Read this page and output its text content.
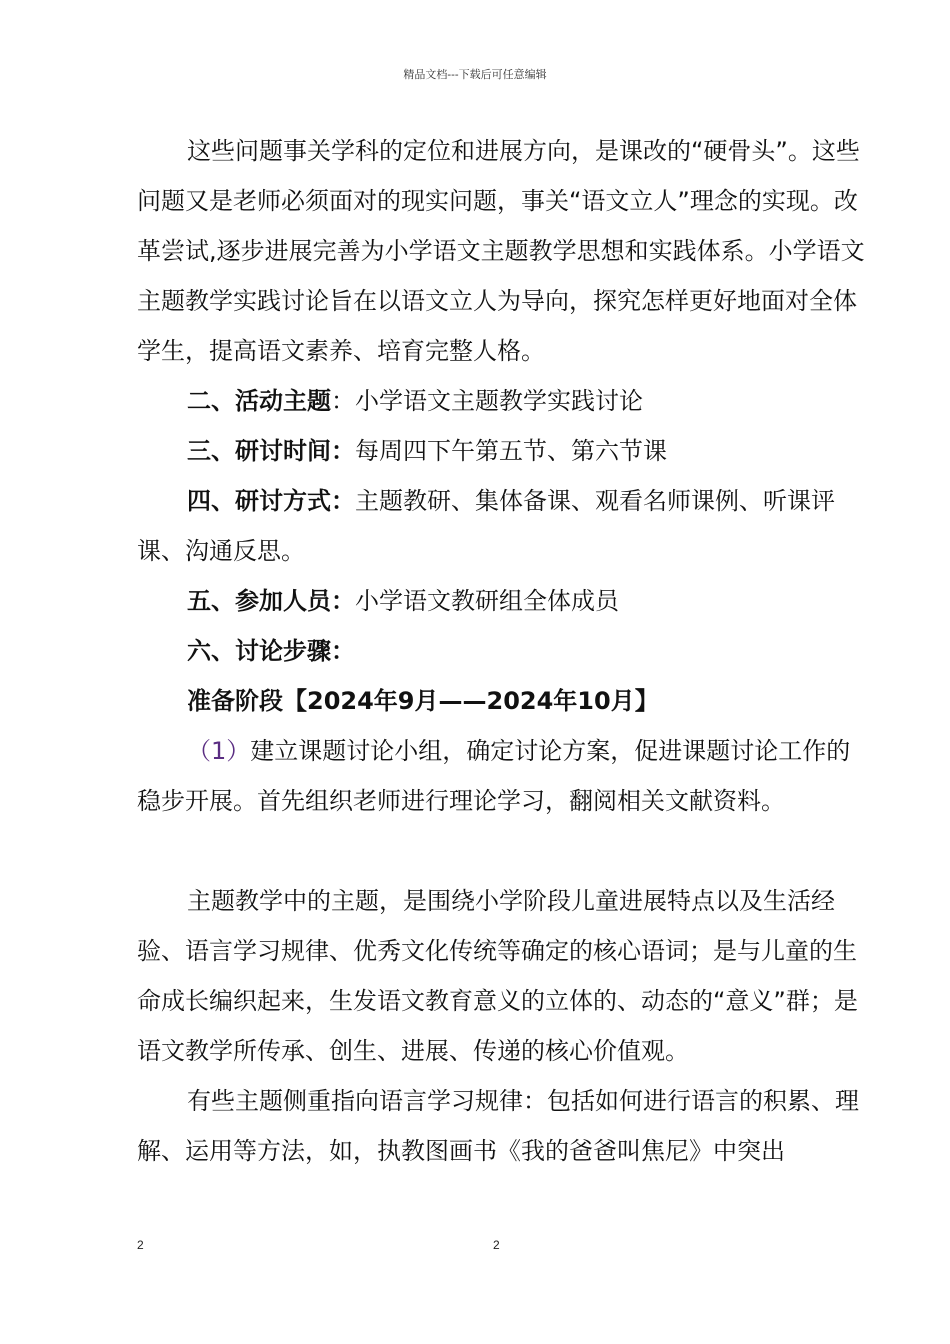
精品文档---下载后可任意编辑

这些问题事关学科的定位和进展方向，是课改的“硬骨头”。这些问题又是老师必须面对的现实问题，事关“语文立人”理念的实现。改革尝试,逐步进展完善为小学语文主题教学思想和实践体系。小学语文主题教学实践讨论旨在以语文立人为导向，探究怎样更好地面对全体学生，提高语文素养、培育完整人格。

二、活动主题：小学语文主题教学实践讨论

三、研讨时间：每周四下午第五节、第六节课

四、研讨方式：主题教研、集体备课、观看名师课例、听课评课、沟通反思。

五、参加人员：小学语文教研组全体成员

六、讨论步骤：

准备阶段【2024年9月——2024年10月】

（1）建立课题讨论小组，确定讨论方案，促进课题讨论工作的稳步开展。首先组织老师进行理论学习，翻阅相关文献资料。

主题教学中的主题，是围绕小学阶段儿童进展特点以及生活经验、语言学习规律、优秀文化传统等确定的核心语词；是与儿童的生命成长编织起来，生发语文教育意义的立体的、动态的“意义”群；是语文教学所传承、创生、进展、传递的核心价值观。

有些主题侧重指向语言学习规律：包括如何进行语言的积累、理解、运用等方法，如，执教图画书《我的爸爸叫焦尼》中突出

2	2
